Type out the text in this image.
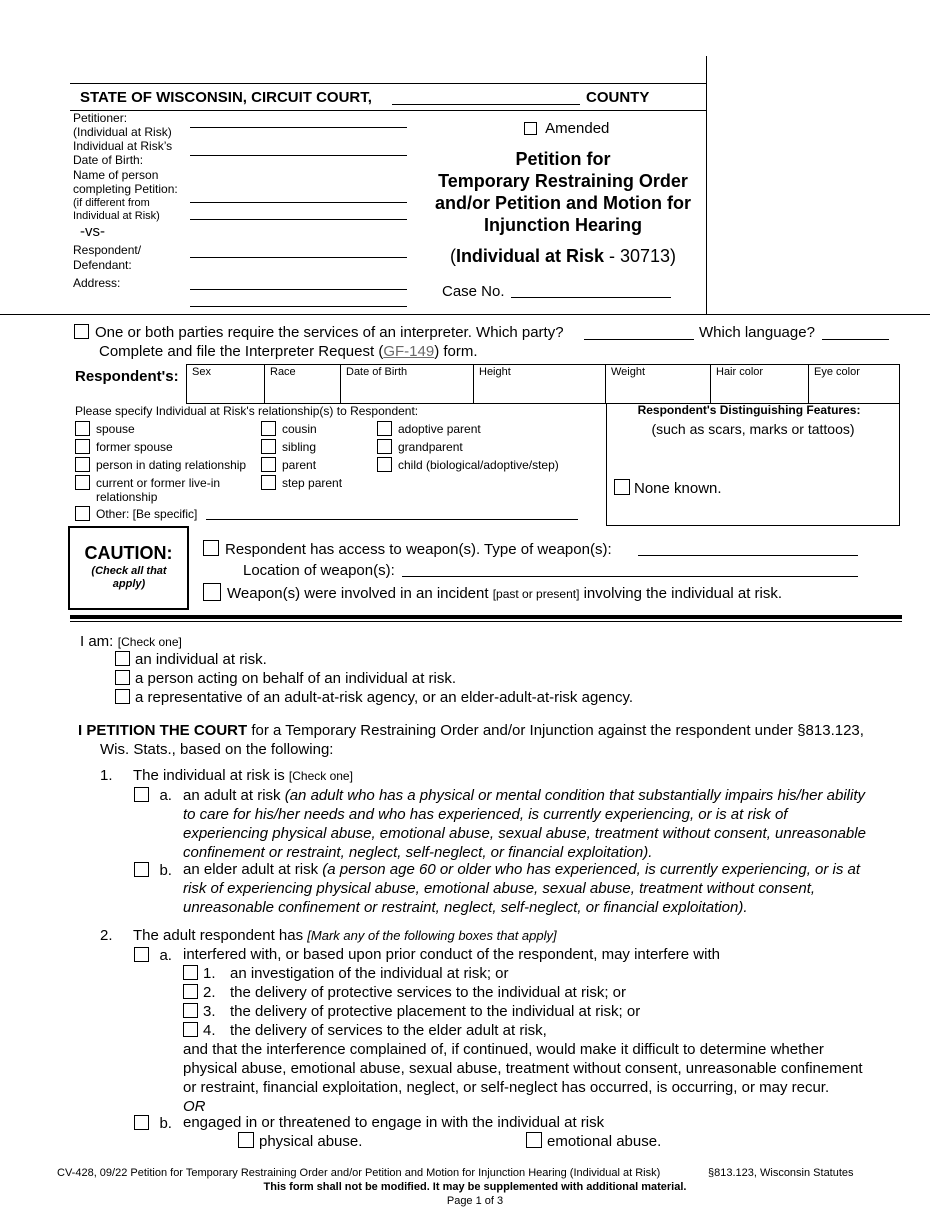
STATE OF WISCONSIN, CIRCUIT COURT,	COUNTY
Petitioner:
(Individual at Risk)
Individual at Risk’s
Date of Birth:
Name of person
completing Petition:
(if different from
Individual at Risk)
-vs-
Respondent/
Defendant:
Address:
Amended
Petition for
Temporary Restraining Order
and/or Petition and Motion for
Injunction Hearing
(Individual at Risk - 30713)
Case No.
One or both parties require the services of an interpreter. Which party?	Which language?
Complete and file the Interpreter Request (GF-149) form.
Respondent's:	Sex	Race	Date of Birth	Height	Weight	Hair color	Eye color
Please specify Individual at Risk's relationship(s) to Respondent:
spouse
former spouse
person in dating relationship
current or former live-in
relationship
cousin
sibling
parent
step parent
adoptive parent
grandparent
child (biological/adoptive/step)
Other: [Be specific]
Respondent's Distinguishing Features:
(such as scars, marks or tattoos)
None known.
CAUTION:
(Check all that apply)
Respondent has access to weapon(s). Type of weapon(s):
Location of weapon(s):
Weapon(s) were involved in an incident [past or present] involving the individual at risk.
I am: [Check one]
an individual at risk.
a person acting on behalf of an individual at risk.
a representative of an adult-at-risk agency, or an elder-adult-at-risk agency.
I PETITION THE COURT for a Temporary Restraining Order and/or Injunction against the respondent under §813.123,
Wis. Stats., based on the following:
1. The individual at risk is [Check one]
a. an adult at risk (an adult who has a physical or mental condition that substantially impairs his/her ability
to care for his/her needs and who has experienced, is currently experiencing, or is at risk of
experiencing physical abuse, emotional abuse, sexual abuse, treatment without consent, unreasonable
confinement or restraint, neglect, self-neglect, or financial exploitation).
b. an elder adult at risk (a person age 60 or older who has experienced, is currently experiencing, or is at
risk of experiencing physical abuse, emotional abuse, sexual abuse, treatment without consent,
unreasonable confinement or restraint, neglect, self-neglect, or financial exploitation).
2. The adult respondent has [Mark any of the following boxes that apply]
a. interfered with, or based upon prior conduct of the respondent, may interfere with
1. an investigation of the individual at risk; or
2. the delivery of protective services to the individual at risk; or
3. the delivery of protective placement to the individual at risk; or
4. the delivery of services to the elder adult at risk,
and that the interference complained of, if continued, would make it difficult to determine whether
physical abuse, emotional abuse, sexual abuse, treatment without consent, unreasonable confinement
or restraint, financial exploitation, neglect, or self-neglect has occurred, is occurring, or may recur.
OR
b. engaged in or threatened to engage in with the individual at risk
physical abuse.	emotional abuse.
CV-428, 09/22 Petition for Temporary Restraining Order and/or Petition and Motion for Injunction Hearing (Individual at Risk)	§813.123, Wisconsin Statutes
This form shall not be modified. It may be supplemented with additional material.
Page 1 of 3
